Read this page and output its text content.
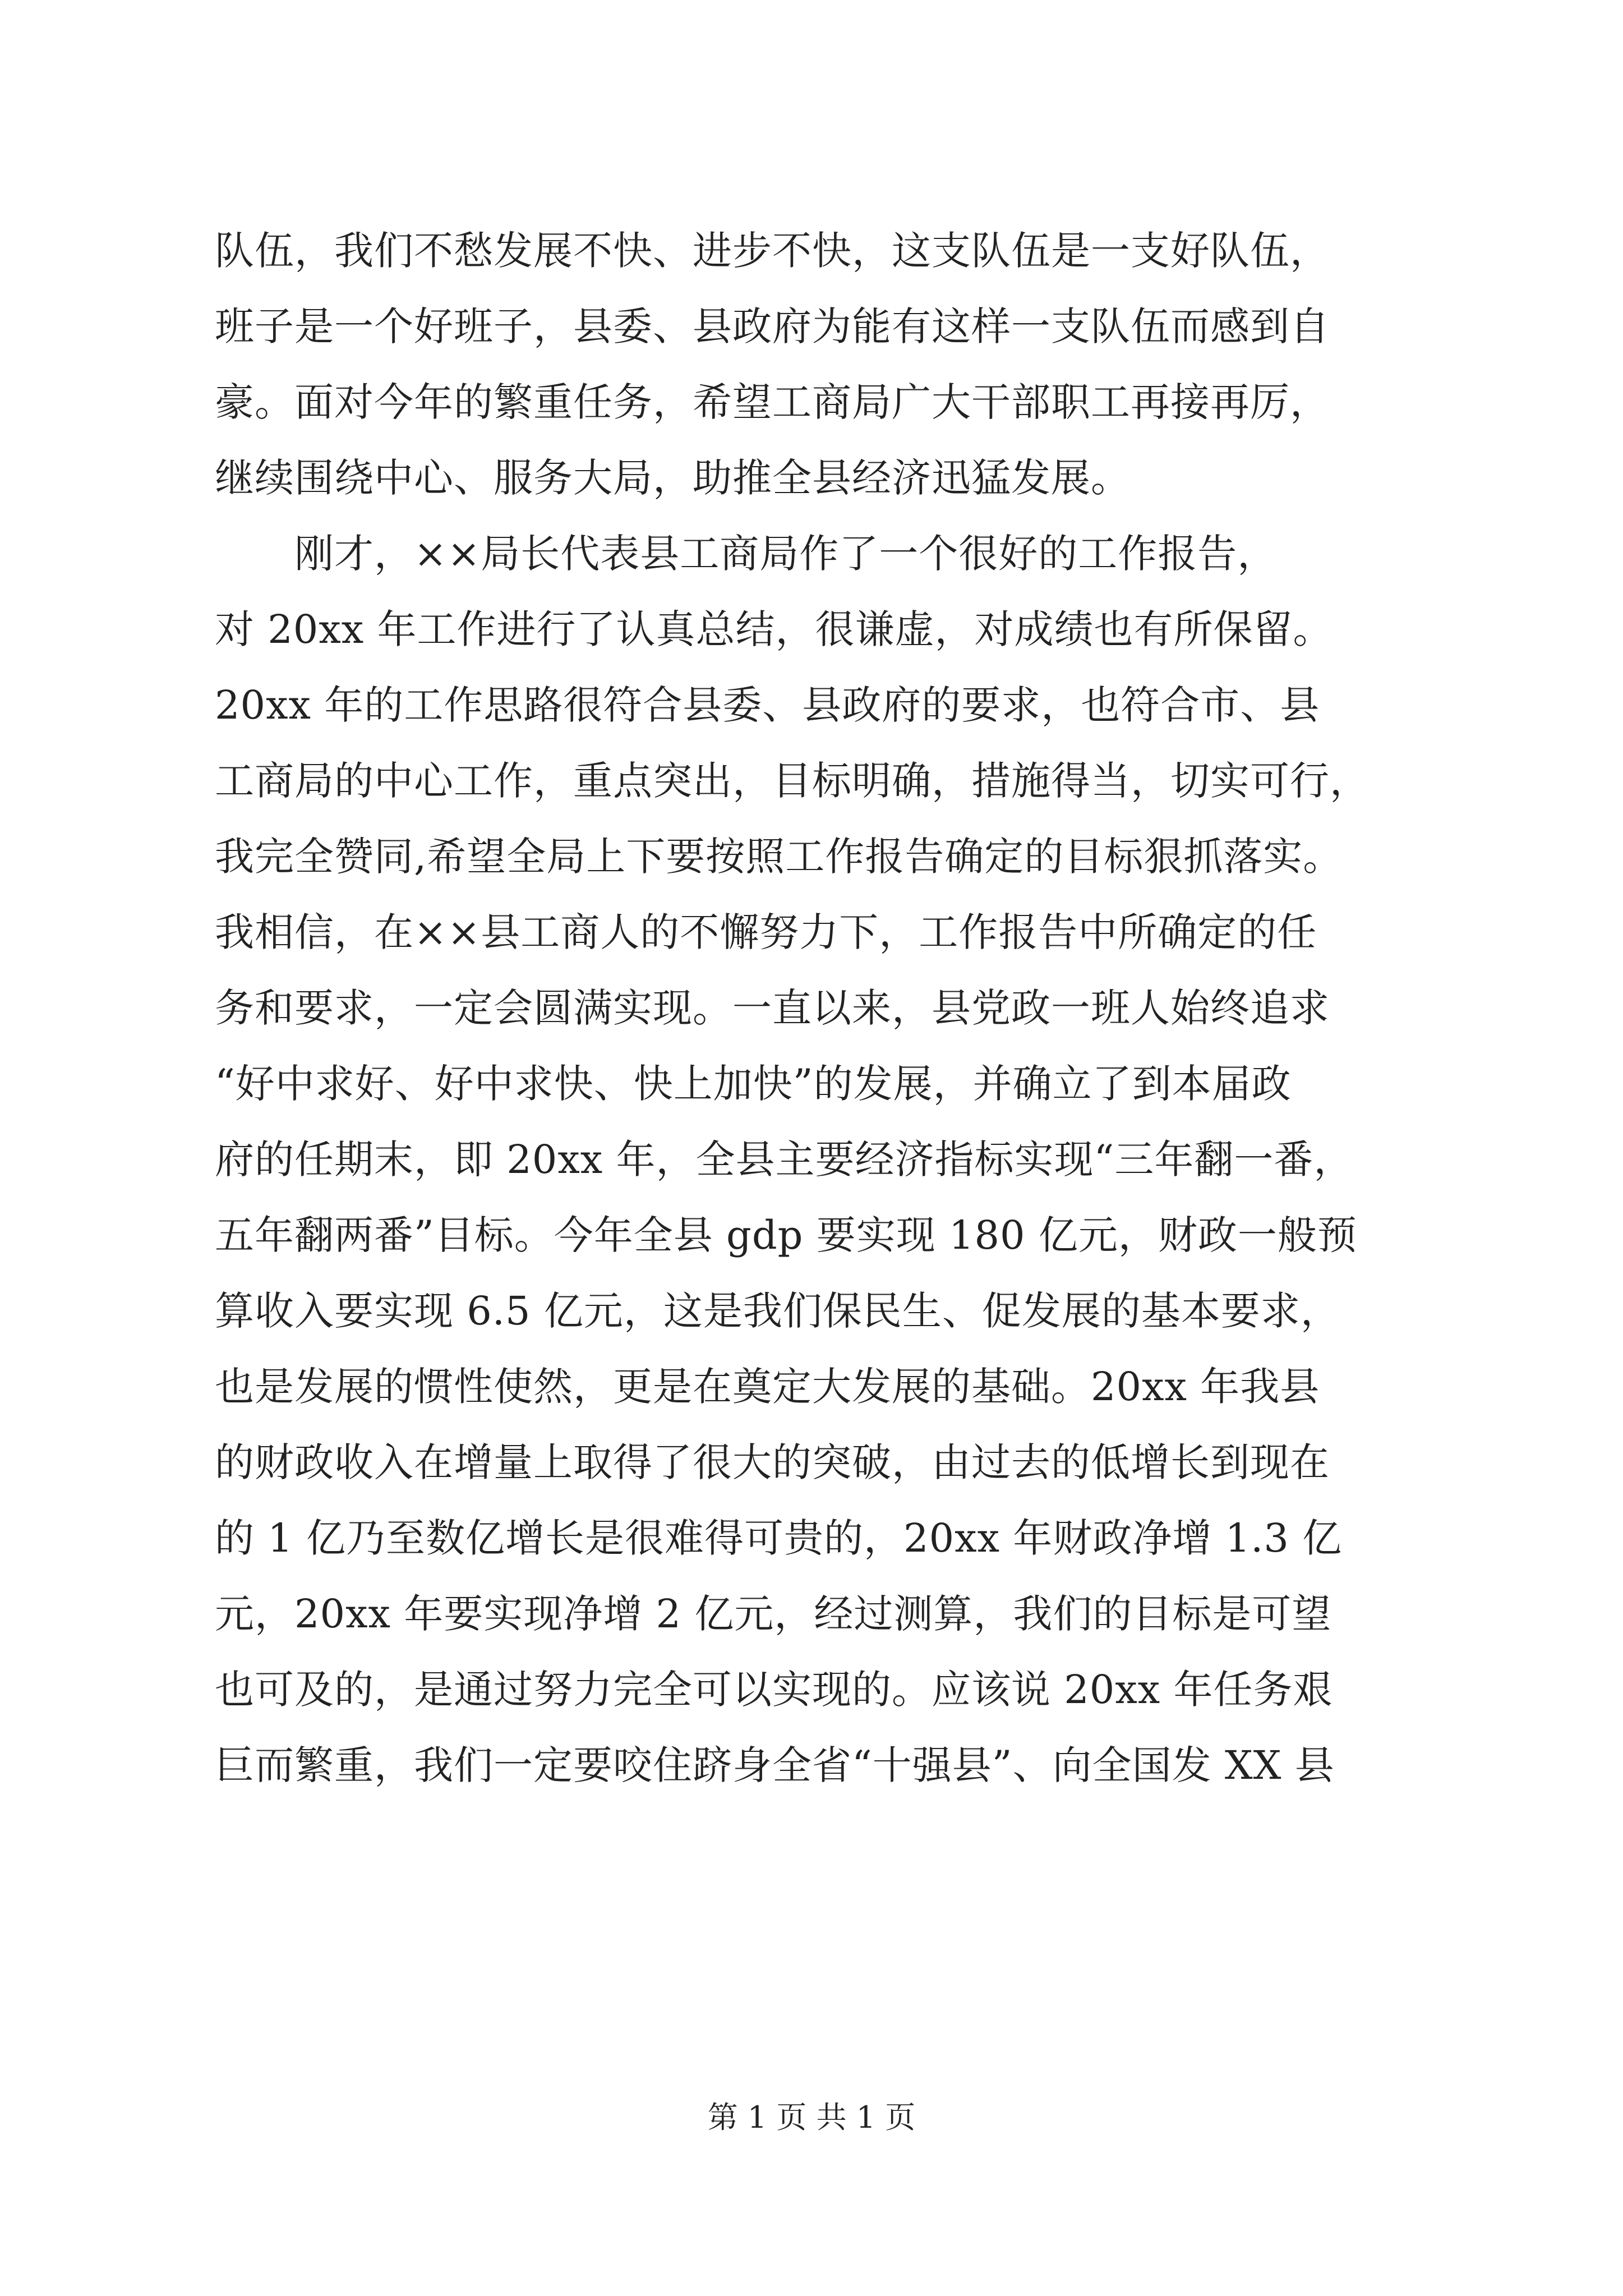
队伍，我们不愁发展不快、进步不快，这支队伍是一支好队伍，
班子是一个好班子，县委、县政府为能有这样一支队伍而感到自
豪。面对今年的繁重任务，希望工商局广大干部职工再接再厉，
继续围绕中心、服务大局，助推全县经济迅猛发展。
　　刚才，××局长代表县工商局作了一个很好的工作报告，
对 20xx 年工作进行了认真总结，很谦虚，对成绩也有所保留。
20xx 年的工作思路很符合县委、县政府的要求，也符合市、县
工商局的中心工作，重点突出，目标明确，措施得当，切实可行，
我完全赞同,希望全局上下要按照工作报告确定的目标狠抓落实。
我相信，在××县工商人的不懈努力下，工作报告中所确定的任
务和要求，一定会圆满实现。一直以来，县党政一班人始终追求
“好中求好、好中求快、快上加快”的发展，并确立了到本届政
府的任期末，即 20xx 年，全县主要经济指标实现“三年翻一番，
五年翻两番”目标。今年全县 gdp 要实现 180 亿元，财政一般预
算收入要实现 6.5 亿元，这是我们保民生、促发展的基本要求，
也是发展的惯性使然，更是在奠定大发展的基础。20xx 年我县
的财政收入在增量上取得了很大的突破，由过去的低增长到现在
的 1 亿乃至数亿增长是很难得可贵的，20xx 年财政净增 1.3 亿
元，20xx 年要实现净增 2 亿元，经过测算，我们的目标是可望
也可及的，是通过努力完全可以实现的。应该说 20xx 年任务艰
巨而繁重，我们一定要咬住跻身全省“十强县”、向全国发 XX 县
第 1 页 共 1 页
